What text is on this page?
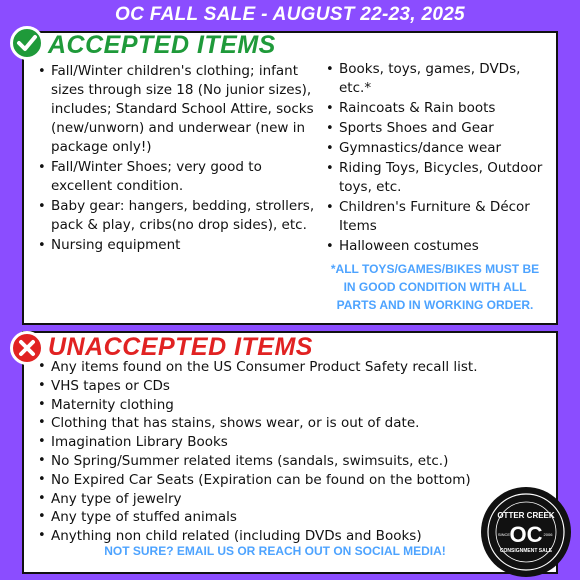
OC FALL SALE - AUGUST 22-23, 2025
ACCEPTED ITEMS
• Fall/Winter children's clothing; infant sizes through size 18 (No junior sizes), includes; Standard School Attire, socks (new/unworn) and underwear (new in package only!)
• Fall/Winter Shoes; very good to excellent condition.
• Baby gear: hangers, bedding, strollers, pack & play, cribs(no drop sides), etc.
• Nursing equipment
• Books, toys, games, DVDs, etc.*
• Raincoats & Rain boots
• Sports Shoes and Gear
• Gymnastics/dance wear
• Riding Toys, Bicycles, Outdoor toys, etc.
• Children's Furniture & Décor Items
• Halloween costumes
*ALL TOYS/GAMES/BIKES MUST BE IN GOOD CONDITION WITH ALL PARTS AND IN WORKING ORDER.
UNACCEPTED ITEMS
• Any items found on the US Consumer Product Safety recall list.
• VHS tapes or CDs
• Maternity clothing
• Clothing that has stains, shows wear, or is out of date.
• Imagination Library Books
• No Spring/Summer related items (sandals, swimsuits, etc.)
• No Expired Car Seats (Expiration can be found on the bottom)
• Any type of jewelry
• Any type of stuffed animals
• Anything non child related (including DVDs and Books)
NOT SURE? EMAIL US OR REACH OUT ON SOCIAL MEDIA!
OTTER CREEK
OC
CONSIGNMENT SALE
SINCE	2006
